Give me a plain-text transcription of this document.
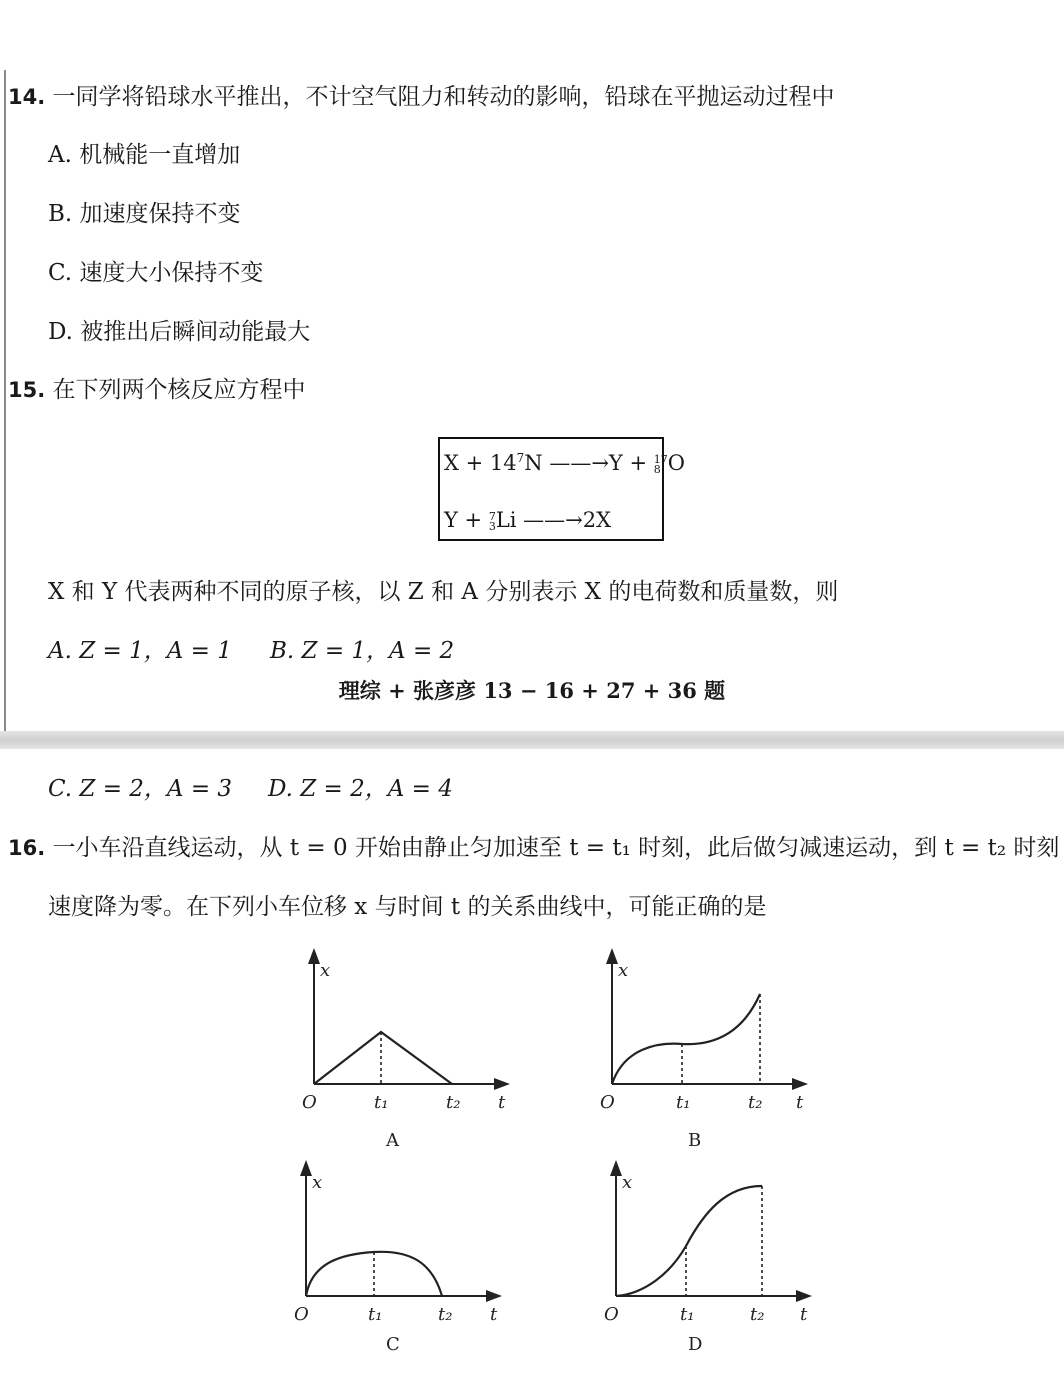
14. 一同学将铅球水平推出，不计空气阻力和转动的影响，铅球在平抛运动过程中
A. 机械能一直增加
B. 加速度保持不变
C. 速度大小保持不变
D. 被推出后瞬间动能最大
15. 在下列两个核反应方程中
$X + 14^7N$ ——→Y + 17
8 O
Y + 7
3 Li ——→2X
X 和 Y 代表两种不同的原子核，以 Z 和 A 分别表示 X 的电荷数和质量数，则
A. Z = 1，A = 1 B. Z = 1，A = 2
理综 + 张彦彦 13 − 16 + 27 + 36 题
C. Z = 2，A = 3 D. Z = 2，A = 4
16. 一小车沿直线运动，从 t = 0 开始由静止匀加速至 t = t₁ 时刻，此后做匀减速运动，到 t = t₂ 时刻
速度降为零。在下列小车位移 x 与时间 t 的关系曲线中，可能正确的是
x
O	t₁	t₂ t
A
x
O	t₁	t₂ t
B
x
O	t₁	t₂ t
C
x
O	t₁	t₂ t
D
